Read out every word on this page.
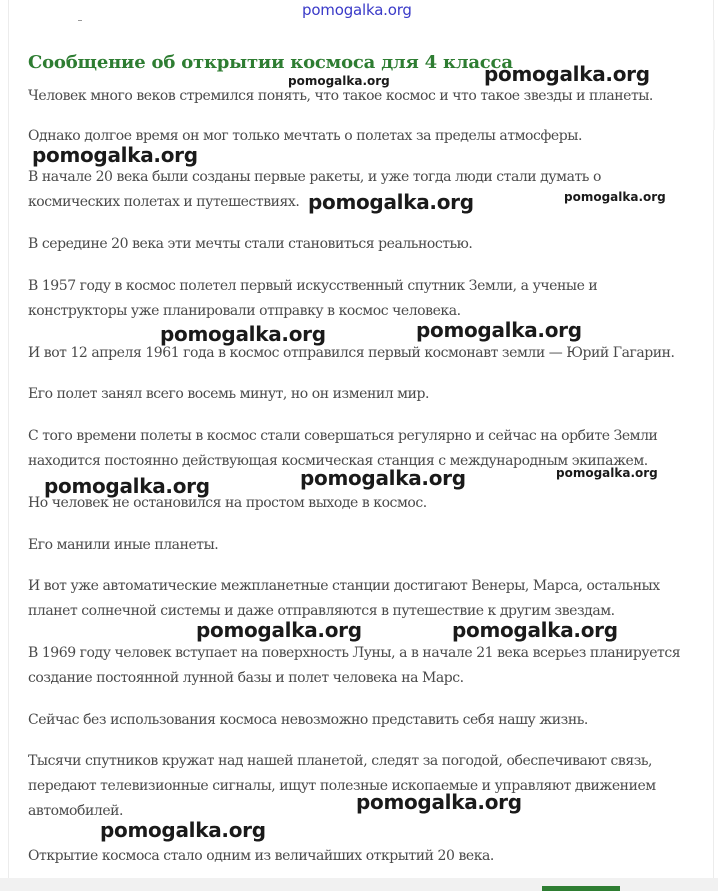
Сообщение об открытии космоса для 4 класса
Человек много веков стремился понять, что такое космос и что такое звезды и планеты.
Однако долгое время он мог только мечтать о полетах за пределы атмосферы.
В начале 20 века были созданы первые ракеты, и уже тогда люди стали думать о
космических полетах и путешествиях.
В середине 20 века эти мечты стали становиться реальностью.
В 1957 году в космос полетел первый искусственный спутник Земли, а ученые и
конструкторы уже планировали отправку в космос человека.
И вот 12 апреля 1961 года в космос отправился первый космонавт земли — Юрий Гагарин.
Его полет занял всего восемь минут, но он изменил мир.
С того времени полеты в космос стали совершаться регулярно и сейчас на орбите Земли
находится постоянно действующая космическая станция с международным экипажем.
Но человек не остановился на простом выходе в космос.
Его манили иные планеты.
И вот уже автоматические межпланетные станции достигают Венеры, Марса, остальных
планет солнечной системы и даже отправляются в путешествие к другим звездам.
В 1969 году человек вступает на поверхность Луны, а в начале 21 века всерьез планируется
создание постоянной лунной базы и полет человека на Марс.
Сейчас без использования космоса невозможно представить себя нашу жизнь.
Тысячи спутников кружат над нашей планетой, следят за погодой, обеспечивают связь,
передают телевизионные сигналы, ищут полезные ископаемые и управляют движением
автомобилей.
Открытие космоса стало одним из величайших открытий 20 века.
pomogalka.org
pomogalka.org
pomogalka.org
pomogalka.org
pomogalka.org	pomogalka.org
pomogalka.org	pomogalka.org
pomogalka.org	pomogalka.org	pomogalka.org
pomogalka.org	pomogalka.org
pomogalka.org
pomogalka.org
